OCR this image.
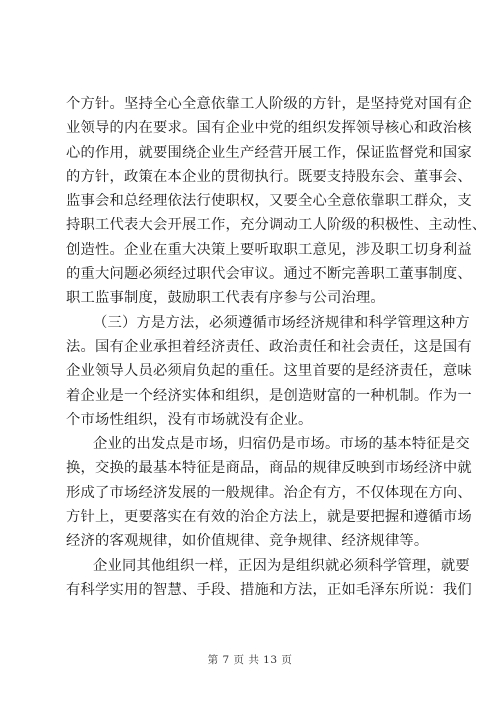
个方针。坚持全心全意依靠工人阶级的方针，是坚持党对国有企
业领导的内在要求。国有企业中党的组织发挥领导核心和政治核
心的作用，就要围绕企业生产经营开展工作，保证监督党和国家
的方针，政策在本企业的贯彻执行。既要支持股东会、董事会、
监事会和总经理依法行使职权，又要全心全意依靠职工群众，支
持职工代表大会开展工作，充分调动工人阶级的积极性、主动性、
创造性。企业在重大决策上要听取职工意见，涉及职工切身利益
的重大问题必须经过职代会审议。通过不断完善职工董事制度、
职工监事制度，鼓励职工代表有序参与公司治理。
（三）方是方法，必须遵循市场经济规律和科学管理这种方
法。国有企业承担着经济责任、政治责任和社会责任，这是国有
企业领导人员必须肩负起的重任。这里首要的是经济责任，意味
着企业是一个经济实体和组织，是创造财富的一种机制。作为一
个市场性组织，没有市场就没有企业。
企业的出发点是市场，归宿仍是市场。市场的基本特征是交
换，交换的最基本特征是商品，商品的规律反映到市场经济中就
形成了市场经济发展的一般规律。治企有方，不仅体现在方向、
方针上，更要落实在有效的治企方法上，就是要把握和遵循市场
经济的客观规律，如价值规律、竞争规律、经济规律等。
企业同其他组织一样，正因为是组织就必须科学管理，就要
有科学实用的智慧、手段、措施和方法，正如毛泽东所说：我们
第 7 页 共 13 页
